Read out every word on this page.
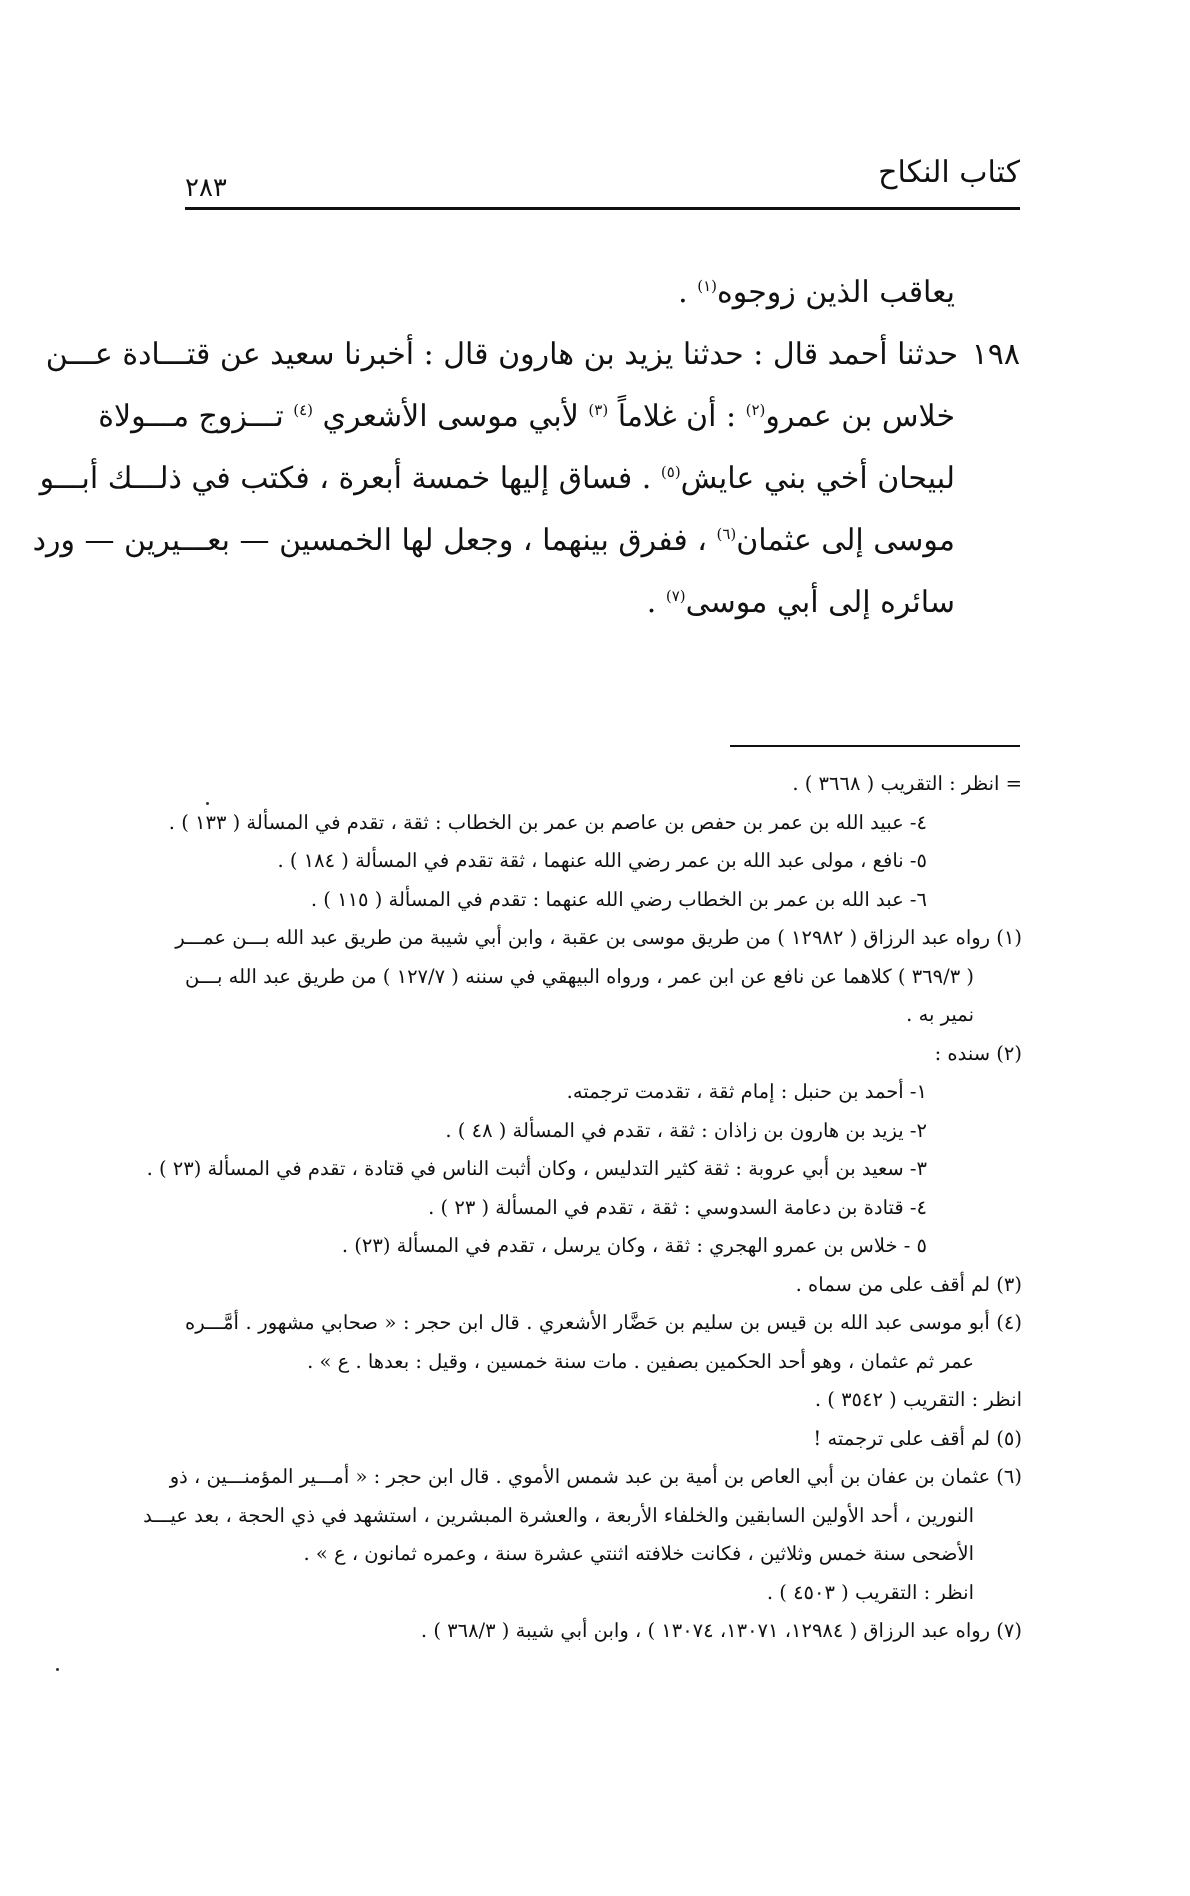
كتاب النكاح
٢٨٣
يعاقب الذين زوجوه$^{(١)}$ .
١٩٨
حدثنا أحمد قال : حدثنا يزيد بن هارون قال : أخبرنا سعيد عن قتـــادة عـــن
خلاس بن عمرو$^{(٢)}$ : أن غلاماً $^{(٣)}$ لأبي موسى الأشعري $^{(٤)}$ تـــزوج مـــولاة
لبيحان أخي بني عايش$^{(٥)}$ . فساق إليها خمسة أبعرة ، فكتب في ذلـــك أبـــو
موسى إلى عثمان$^{(٦)}$ ، ففرق بينهما ، وجعل لها الخمسين — بعـــيرين — ورد
سائره إلى أبي موسى$^{(٧)}$ .
= انظر : التقريب ( ٣٦٦٨ ) .
٤- عبيد الله بن عمر بن حفص بن عاصم بن عمر بن الخطاب : ثقة ، تقدم في المسألة ( ١٣٣ ) .
٥- نافع ، مولى عبد الله بن عمر رضي الله عنهما ، ثقة تقدم في المسألة ( ١٨٤ ) .
٦- عبد الله بن عمر بن الخطاب رضي الله عنهما : تقدم في المسألة ( ١١٥ ) .
(١) رواه عبد الرزاق ( ١٢٩٨٢ ) من طريق موسى بن عقبة ، وابن أبي شيبة من طريق عبد الله بـــن عمـــر
( ٣٦٩/٣ ) كلاهما عن نافع عن ابن عمر ، ورواه البيهقي في سننه ( ١٢٧/٧ ) من طريق عبد الله بـــن
نمير به .
(٢) سنده :
١- أحمد بن حنبل : إمام ثقة ، تقدمت ترجمته.
٢- يزيد بن هارون بن زاذان : ثقة ، تقدم في المسألة ( ٤٨ ) .
٣- سعيد بن أبي عروبة : ثقة كثير التدليس ، وكان أثبت الناس في قتادة ، تقدم في المسألة (٢٣ ) .
٤- قتادة بن دعامة السدوسي : ثقة ، تقدم في المسألة ( ٢٣ ) .
٥ - خلاس بن عمرو الهجري : ثقة ، وكان يرسل ، تقدم في المسألة (٢٣) .
(٣) لم أقف على من سماه .
(٤) أبو موسى عبد الله بن قيس بن سليم بن حَضَّار الأشعري . قال ابن حجر : « صحابي مشهور . أمَّـــره
عمر ثم عثمان ، وهو أحد الحكمين بصفين . مات سنة خمسين ، وقيل : بعدها . ع » .
انظر : التقريب ( ٣٥٤٢ ) .
(٥) لم أقف على ترجمته !
(٦) عثمان بن عفان بن أبي العاص بن أمية بن عبد شمس الأموي . قال ابن حجر : « أمـــير المؤمنـــين ، ذو
النورين ، أحد الأولين السابقين والخلفاء الأربعة ، والعشرة المبشرين ، استشهد في ذي الحجة ، بعد عيـــد
الأضحى سنة خمس وثلاثين ، فكانت خلافته اثنتي عشرة سنة ، وعمره ثمانون ، ع » .
انظر : التقريب ( ٤٥٠٣ ) .
(٧) رواه عبد الرزاق ( ١٢٩٨٤، ١٣٠٧١، ١٣٠٧٤ ) ، وابن أبي شيبة ( ٣٦٨/٣ ) .
